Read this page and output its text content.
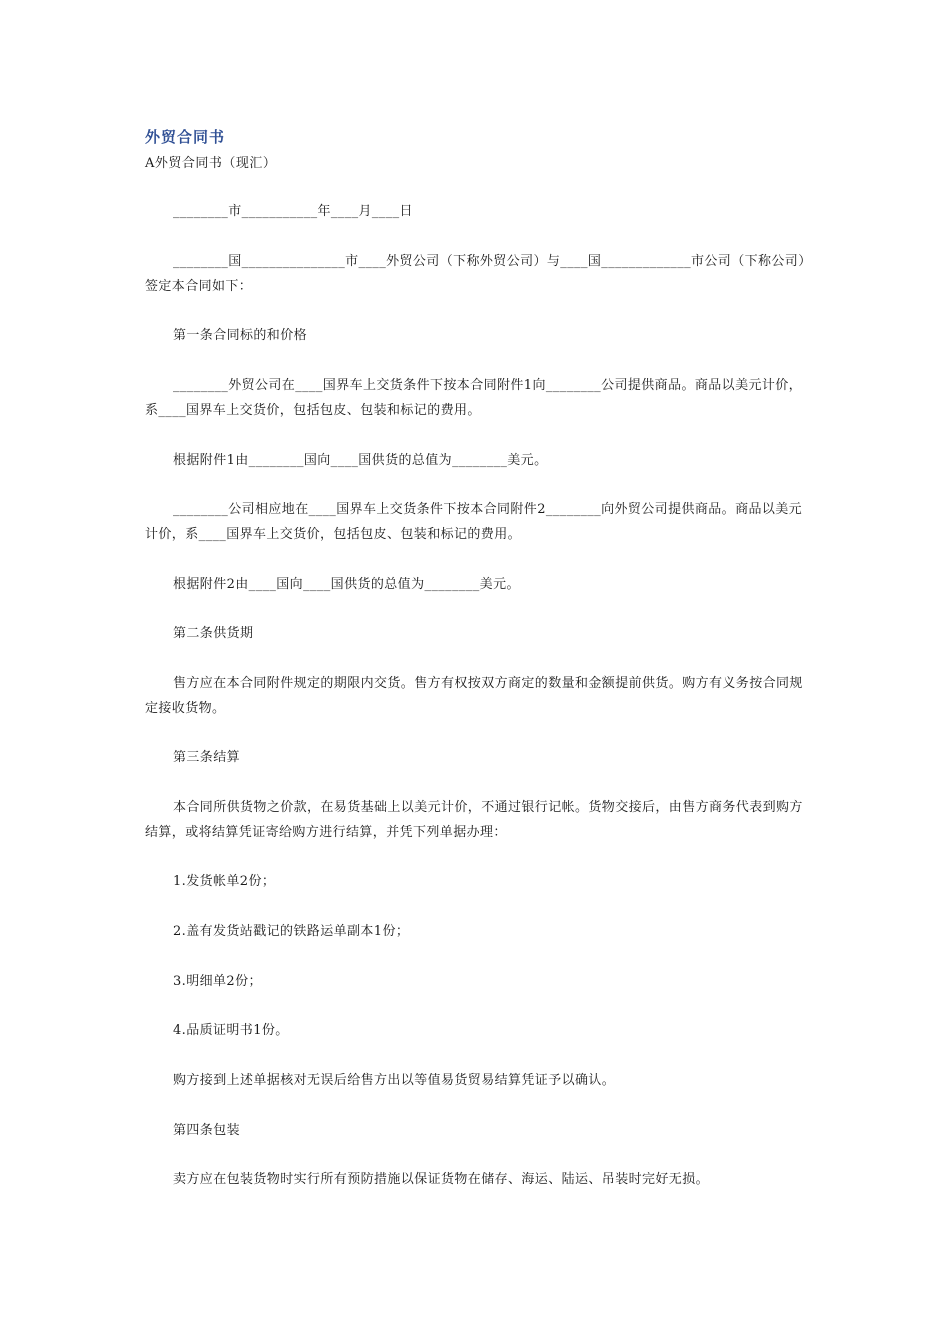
外贸合同书
A外贸合同书（现汇）
________市___________年____月____日
________国_______________市____外贸公司（下称外贸公司）与____国_____________市公司（下称公司）签定本合同如下：
第一条合同标的和价格
________外贸公司在____国界车上交货条件下按本合同附件1向________公司提供商品。商品以美元计价，系____国界车上交货价，包括包皮、包装和标记的费用。
根据附件1由________国向____国供货的总值为________美元。
________公司相应地在____国界车上交货条件下按本合同附件2________向外贸公司提供商品。商品以美元计价，系____国界车上交货价，包括包皮、包装和标记的费用。
根据附件2由____国向____国供货的总值为________美元。
第二条供货期
售方应在本合同附件规定的期限内交货。售方有权按双方商定的数量和金额提前供货。购方有义务按合同规定接收货物。
第三条结算
本合同所供货物之价款，在易货基础上以美元计价，不通过银行记帐。货物交接后，由售方商务代表到购方结算，或将结算凭证寄给购方进行结算，并凭下列单据办理：
1.发货帐单2份；
2.盖有发货站戳记的铁路运单副本1份；
3.明细单2份；
4.品质证明书1份。
购方接到上述单据核对无误后给售方出以等值易货贸易结算凭证予以确认。
第四条包装
卖方应在包装货物时实行所有预防措施以保证货物在储存、海运、陆运、吊装时完好无损。
